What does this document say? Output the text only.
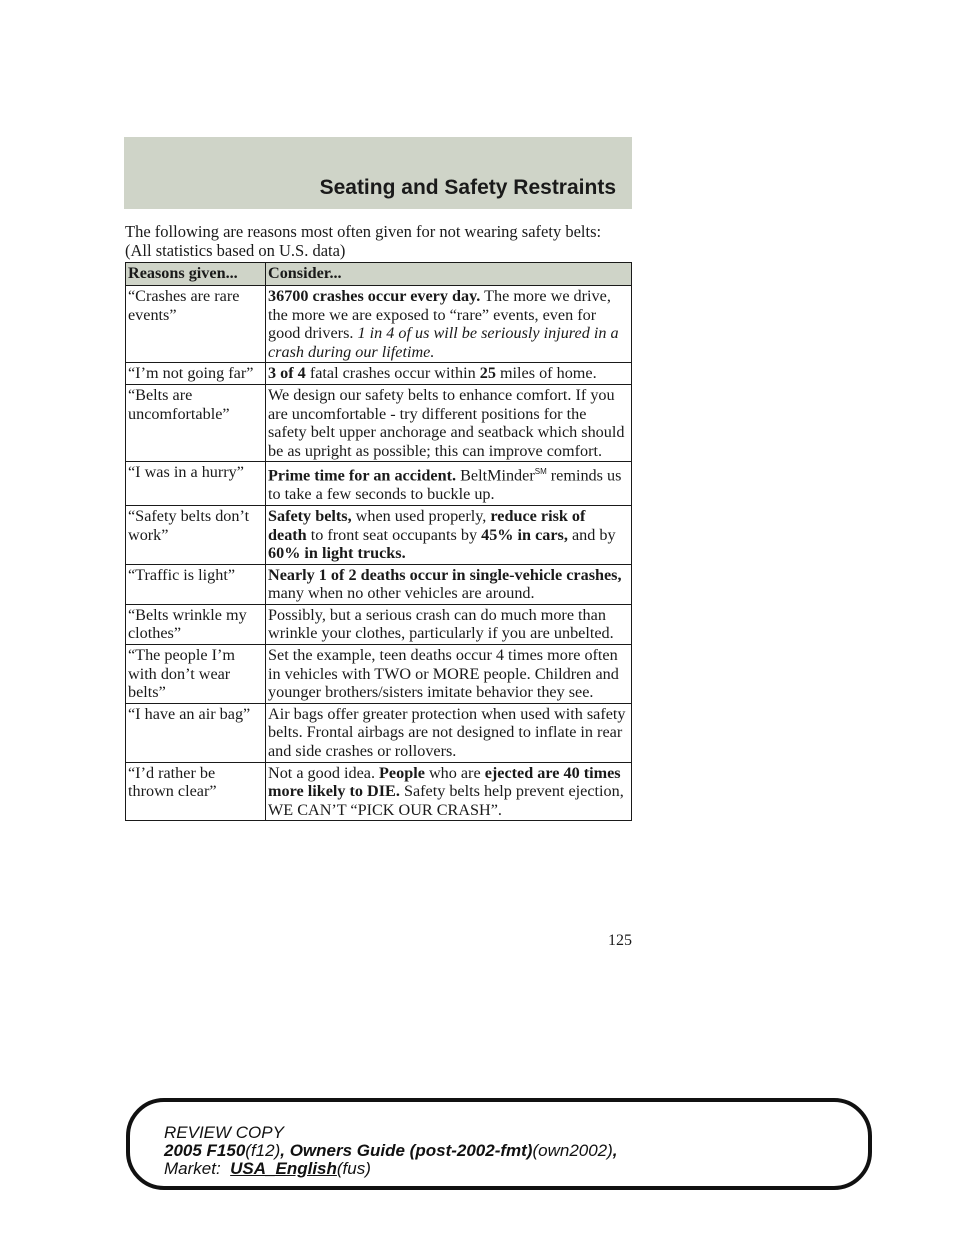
Seating and Safety Restraints
The following are reasons most often given for not wearing safety belts:
(All statistics based on U.S. data)
Reasons given...	Consider...
“Crashes are rare events”	36700 crashes occur every day. The more we drive, the more we are exposed to “rare” events, even for good drivers. 1 in 4 of us will be seriously injured in a crash during our lifetime.
“I’m not going far”	3 of 4 fatal crashes occur within 25 miles of home.
“Belts are uncomfortable”	We design our safety belts to enhance comfort. If you are uncomfortable - try different positions for the safety belt upper anchorage and seatback which should be as upright as possible; this can improve comfort.
“I was in a hurry”	Prime time for an accident. BeltMinder℠ reminds us to take a few seconds to buckle up.
“Safety belts don’t work”	Safety belts, when used properly, reduce risk of death to front seat occupants by 45% in cars, and by 60% in light trucks.
“Traffic is light”	Nearly 1 of 2 deaths occur in single-vehicle crashes, many when no other vehicles are around.
“Belts wrinkle my clothes”	Possibly, but a serious crash can do much more than wrinkle your clothes, particularly if you are unbelted.
“The people I’m with don’t wear belts”	Set the example, teen deaths occur 4 times more often in vehicles with TWO or MORE people. Children and younger brothers/sisters imitate behavior they see.
“I have an air bag”	Air bags offer greater protection when used with safety belts. Frontal airbags are not designed to inflate in rear and side crashes or rollovers.
“I’d rather be thrown clear”	Not a good idea. People who are ejected are 40 times more likely to DIE. Safety belts help prevent ejection, WE CAN’T “PICK OUR CRASH”.
125
REVIEW COPY
2005 F150(f12), Owners Guide (post-2002-fmt)(own2002),
Market: USA_English(fus)
